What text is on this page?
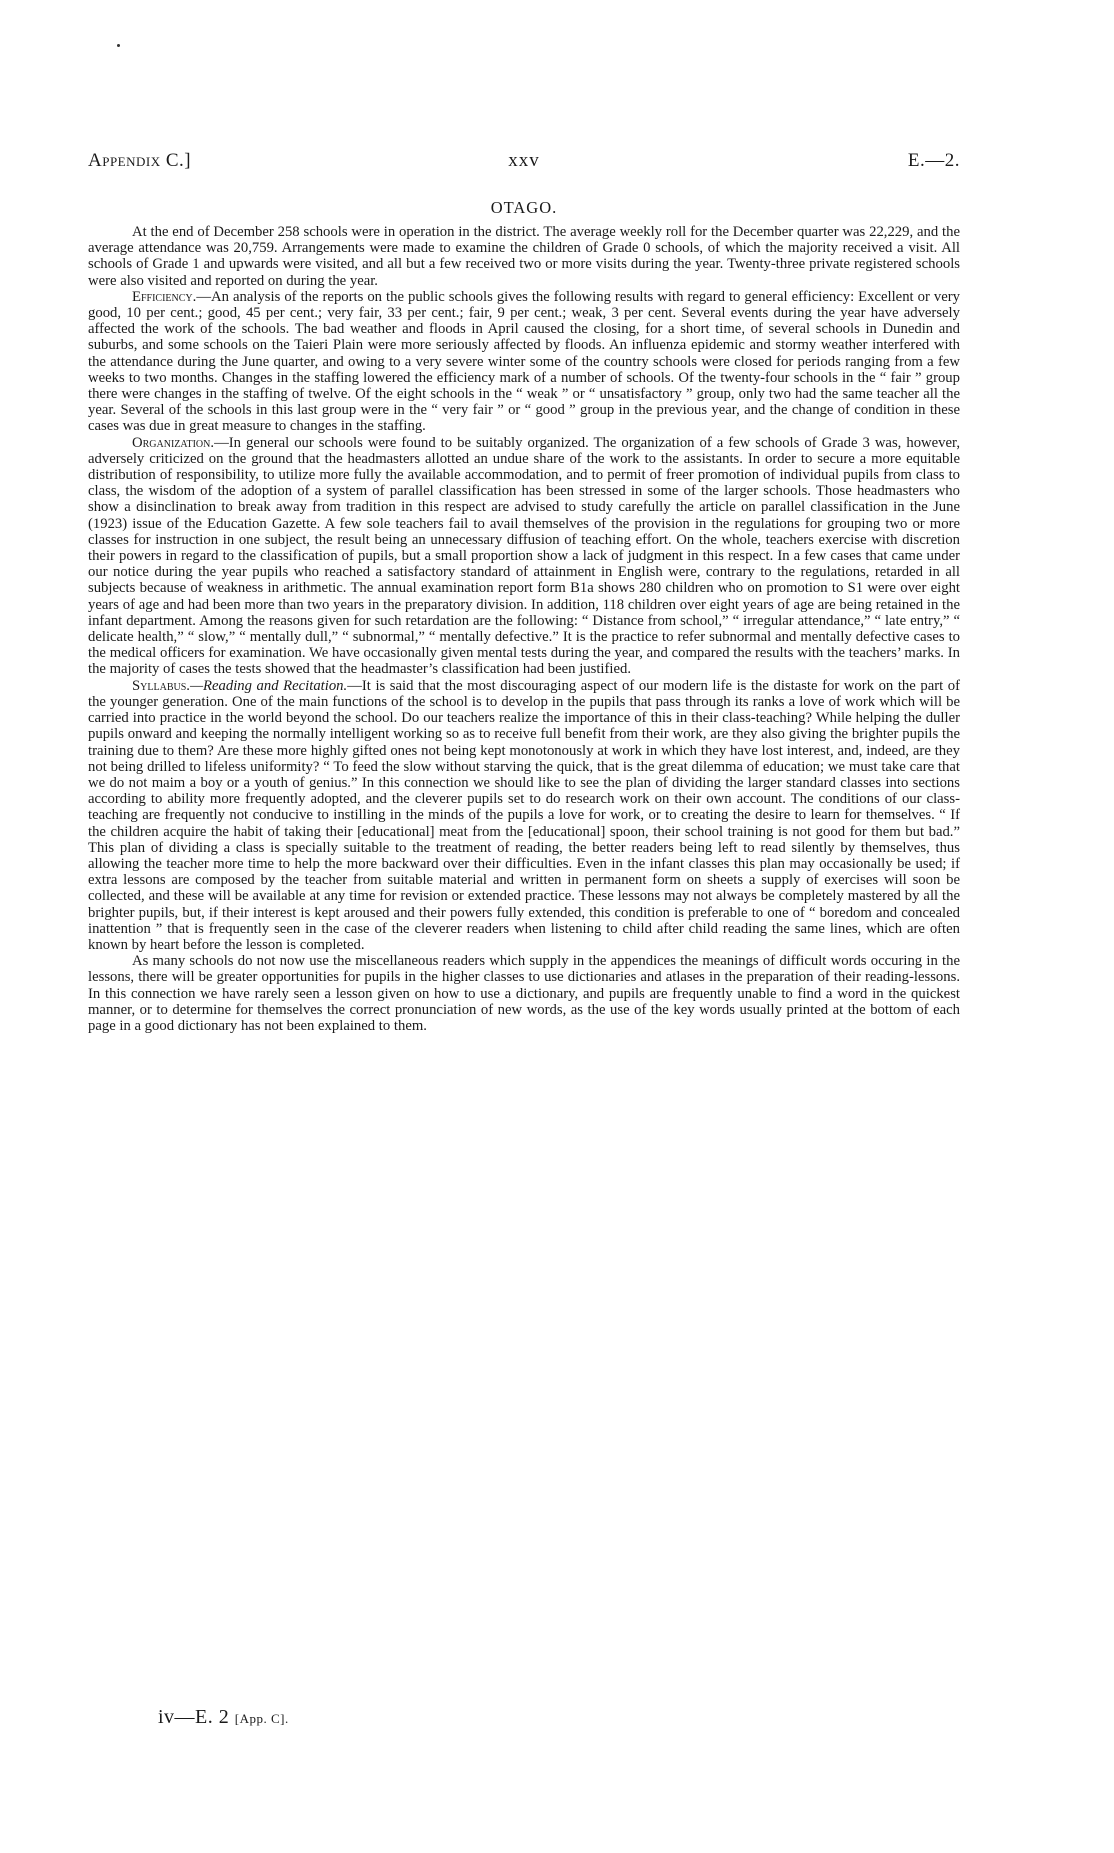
Appendix C.]	xxv	E.—2.
OTAGO.

At the end of December 258 schools were in operation in the district. The average weekly roll for the December quarter was 22,229, and the average attendance was 20,759. Arrangements were made to examine the children of Grade 0 schools, of which the majority received a visit. All schools of Grade 1 and upwards were visited, and all but a few received two or more visits during the year. Twenty-three private registered schools were also visited and reported on during the year.

Efficiency.—An analysis of the reports on the public schools gives the following results with regard to general efficiency: Excellent or very good, 10 per cent.; good, 45 per cent.; very fair, 33 per cent.; fair, 9 per cent.; weak, 3 per cent. Several events during the year have adversely affected the work of the schools. The bad weather and floods in April caused the closing, for a short time, of several schools in Dunedin and suburbs, and some schools on the Taieri Plain were more seriously affected by floods. An influenza epidemic and stormy weather interfered with the attendance during the June quarter, and owing to a very severe winter some of the country schools were closed for periods ranging from a few weeks to two months. Changes in the staffing lowered the efficiency mark of a number of schools. Of the twenty-four schools in the “ fair ” group there were changes in the staffing of twelve. Of the eight schools in the “ weak ” or “ unsatisfactory ” group, only two had the same teacher all the year. Several of the schools in this last group were in the “ very fair ” or “ good ” group in the previous year, and the change of condition in these cases was due in great measure to changes in the staffing.

Organization.—In general our schools were found to be suitably organized. The organization of a few schools of Grade 3 was, however, adversely criticized on the ground that the headmasters allotted an undue share of the work to the assistants. In order to secure a more equitable distribution of responsibility, to utilize more fully the available accommodation, and to permit of freer promotion of individual pupils from class to class, the wisdom of the adoption of a system of parallel classification has been stressed in some of the larger schools. Those headmasters who show a disinclination to break away from tradition in this respect are advised to study carefully the article on parallel classification in the June (1923) issue of the Education Gazette. A few sole teachers fail to avail themselves of the provision in the regulations for grouping two or more classes for instruction in one subject, the result being an unnecessary diffusion of teaching effort. On the whole, teachers exercise with discretion their powers in regard to the classification of pupils, but a small proportion show a lack of judgment in this respect. In a few cases that came under our notice during the year pupils who reached a satisfactory standard of attainment in English were, contrary to the regulations, retarded in all subjects because of weakness in arithmetic. The annual examination report form B1a shows 280 children who on promotion to S1 were over eight years of age and had been more than two years in the preparatory division. In addition, 118 children over eight years of age are being retained in the infant department. Among the reasons given for such retardation are the following: “ Distance from school,” “ irregular attendance,” “ late entry,” “ delicate health,” “ slow,” “ mentally dull,” “ subnormal,” “ mentally defective.” It is the practice to refer subnormal and mentally defective cases to the medical officers for examination. We have occasionally given mental tests during the year, and compared the results with the teachers’ marks. In the majority of cases the tests showed that the headmaster’s classification had been justified.

Syllabus.—Reading and Recitation.—It is said that the most discouraging aspect of our modern life is the distaste for work on the part of the younger generation. One of the main functions of the school is to develop in the pupils that pass through its ranks a love of work which will be carried into practice in the world beyond the school. Do our teachers realize the importance of this in their class-teaching? While helping the duller pupils onward and keeping the normally intelligent working so as to receive full benefit from their work, are they also giving the brighter pupils the training due to them? Are these more highly gifted ones not being kept monotonously at work in which they have lost interest, and, indeed, are they not being drilled to lifeless uniformity? “ To feed the slow without starving the quick, that is the great dilemma of education; we must take care that we do not maim a boy or a youth of genius.” In this connection we should like to see the plan of dividing the larger standard classes into sections according to ability more frequently adopted, and the cleverer pupils set to do research work on their own account. The conditions of our class-teaching are frequently not conducive to instilling in the minds of the pupils a love for work, or to creating the desire to learn for themselves. “ If the children acquire the habit of taking their [educational] meat from the [educational] spoon, their school training is not good for them but bad.” This plan of dividing a class is specially suitable to the treatment of reading, the better readers being left to read silently by themselves, thus allowing the teacher more time to help the more backward over their difficulties. Even in the infant classes this plan may occasionally be used; if extra lessons are composed by the teacher from suitable material and written in permanent form on sheets a supply of exercises will soon be collected, and these will be available at any time for revision or extended practice. These lessons may not always be completely mastered by all the brighter pupils, but, if their interest is kept aroused and their powers fully extended, this condition is preferable to one of “ boredom and concealed inattention ” that is frequently seen in the case of the cleverer readers when listening to child after child reading the same lines, which are often known by heart before the lesson is completed.

As many schools do not now use the miscellaneous readers which supply in the appendices the meanings of difficult words occuring in the lessons, there will be greater opportunities for pupils in the higher classes to use dictionaries and atlases in the preparation of their reading-lessons. In this connection we have rarely seen a lesson given on how to use a dictionary, and pupils are frequently unable to find a word in the quickest manner, or to determine for themselves the correct pronunciation of new words, as the use of the key words usually printed at the bottom of each page in a good dictionary has not been explained to them.

iv—E. 2 [App. C].
